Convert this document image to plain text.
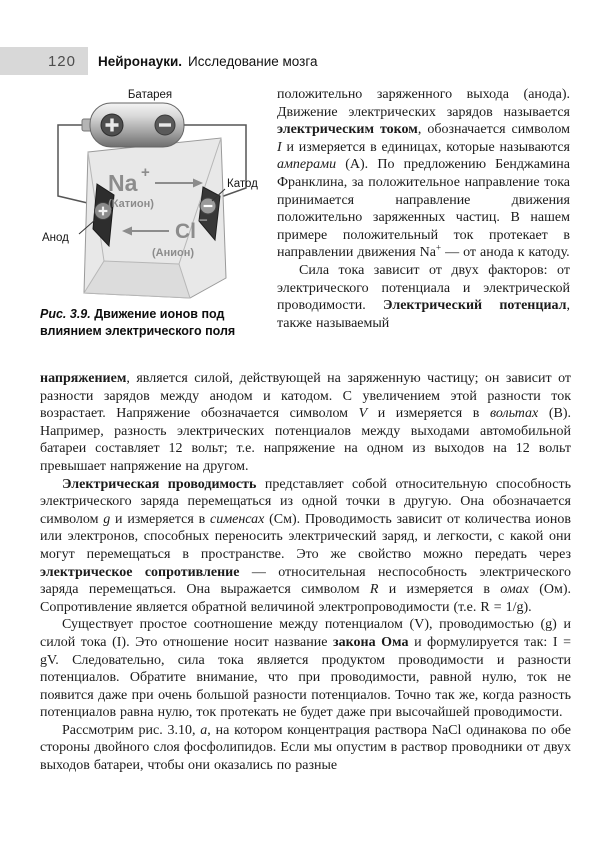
120 Нейронауки. Исследование мозга
Батарея
Na +
(Катион)
Cl −
(Анион)
Катод
Анод
Рис. 3.9. Движение ионов под влиянием электрического поля

положительно заряженного выхода (анода). Движение электрических зарядов называется электрическим током, обозначается символом I и измеряется в единицах, которые называются амперами (А). По предложению Бенджамина Франклина, за положительное направление тока принимается направление движения положительно заряженных частиц. В нашем примере положительный ток протекает в направлении движения Na+ — от анода к катоду.

Сила тока зависит от двух факторов: от электрического потенциала и электрической проводимости. Электрический потенциал, также называемый

напряжением, является силой, действующей на заряженную частицу; он зависит от разности зарядов между анодом и катодом. С увеличением этой разности ток возрастает. Напряжение обозначается символом V и измеряется в вольтах (В). Например, разность электрических потенциалов между выходами автомобильной батареи составляет 12 вольт; т.е. напряжение на одном из выходов на 12 вольт превышает напряжение на другом.

Электрическая проводимость представляет собой относительную способность электрического заряда перемещаться из одной точки в другую. Она обозначается символом g и измеряется в сименсах (См). Проводимость зависит от количества ионов или электронов, способных переносить электрический заряд, и легкости, с какой они могут перемещаться в пространстве. Это же свойство можно передать через электрическое сопротивление — относительная неспособность электрического заряда перемещаться. Она выражается символом R и измеряется в омах (Ом). Сопротивление является обратной величиной электропроводимости (т.е. R = 1/g).

Существует простое соотношение между потенциалом (V), проводимостью (g) и силой тока (I). Это отношение носит название закона Ома и формулируется так: I = gV. Следовательно, сила тока является продуктом проводимости и разности потенциалов. Обратите внимание, что при проводимости, равной нулю, ток не появится даже при очень большой разности потенциалов. Точно так же, когда разность потенциалов равна нулю, ток протекать не будет даже при высочайшей проводимости.

Рассмотрим рис. 3.10, а, на котором концентрация раствора NaCl одинакова по обе стороны двойного слоя фосфолипидов. Если мы опустим в раствор проводники от двух выходов батареи, чтобы они оказались по разные
